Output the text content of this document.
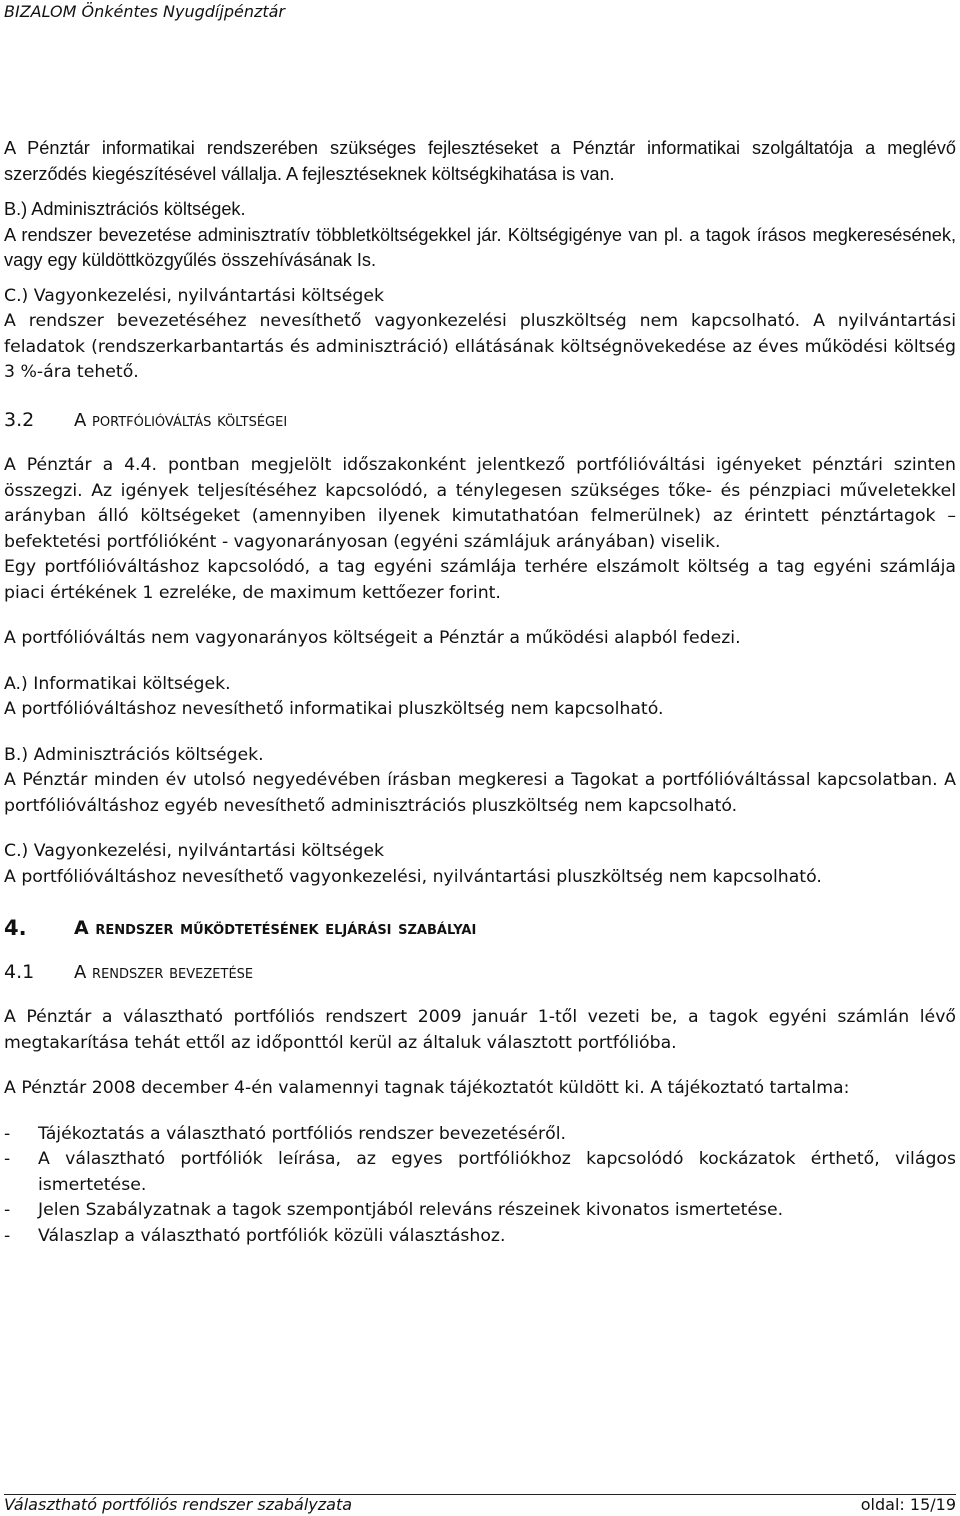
BIZALOM Önkéntes Nyugdíjpénztár

A Pénztár informatikai rendszerében szükséges fejlesztéseket a Pénztár informatikai szolgáltatója a meglévő szerződés kiegészítésével vállalja. A fejlesztéseknek költségkihatása is van.

B.) Adminisztrációs költségek.

A rendszer bevezetése adminisztratív többletköltségekkel jár. Költségigénye van pl. a tagok írásos megkeresésének, vagy egy küldöttközgyűlés összehívásának Is.

C.) Vagyonkezelési, nyilvántartási költségek

A rendszer bevezetéséhez nevesíthető vagyonkezelési pluszköltség nem kapcsolható. A nyilvántartási feladatok (rendszerkarbantartás és adminisztráció) ellátásának költségnövekedése az éves működési költség 3 %-ára tehető.

3.2	A portfólióváltás költségei

A Pénztár a 4.4. pontban megjelölt időszakonként jelentkező portfólióváltási igényeket pénztári szinten összegzi. Az igények teljesítéséhez kapcsolódó, a ténylegesen szükséges tőke- és pénzpiaci műveletekkel arányban álló költségeket (amennyiben ilyenek kimutathatóan felmerülnek) az érintett pénztártagok – befektetési portfólióként - vagyonarányosan (egyéni számlájuk arányában) viselik.

Egy portfólióváltáshoz kapcsolódó, a tag egyéni számlája terhére elszámolt költség a tag egyéni számlája piaci értékének 1 ezreléke, de maximum kettőezer forint.

A portfólióváltás nem vagyonarányos költségeit a Pénztár a működési alapból fedezi.

A.) Informatikai költségek.

A portfólióváltáshoz nevesíthető informatikai pluszköltség nem kapcsolható.

B.) Adminisztrációs költségek.

A Pénztár minden év utolsó negyedévében írásban megkeresi a Tagokat a portfólióváltással kapcsolatban. A portfólióváltáshoz egyéb nevesíthető adminisztrációs pluszköltség nem kapcsolható.

C.) Vagyonkezelési, nyilvántartási költségek

A portfólióváltáshoz nevesíthető vagyonkezelési, nyilvántartási pluszköltség nem kapcsolható.

4.	A rendszer működtetésének eljárási szabályai

4.1	A rendszer bevezetése

A Pénztár a választható portfóliós rendszert 2009 január 1-től vezeti be, a tagok egyéni számlán lévő megtakarítása tehát ettől az időponttól kerül az általuk választott portfólióba.

A Pénztár 2008 december 4-én valamennyi tagnak tájékoztatót küldött ki. A tájékoztató tartalma:

-	Tájékoztatás a választható portfóliós rendszer bevezetéséről.
-	A választható portfóliók leírása, az egyes portfóliókhoz kapcsolódó kockázatok érthető, világos ismertetése.
-	Jelen Szabályzatnak a tagok szempontjából releváns részeinek kivonatos ismertetése.
-	Válaszlap a választható portfóliók közüli választáshoz.
Választható portfóliós rendszer szabályzata	oldal: 15/19
